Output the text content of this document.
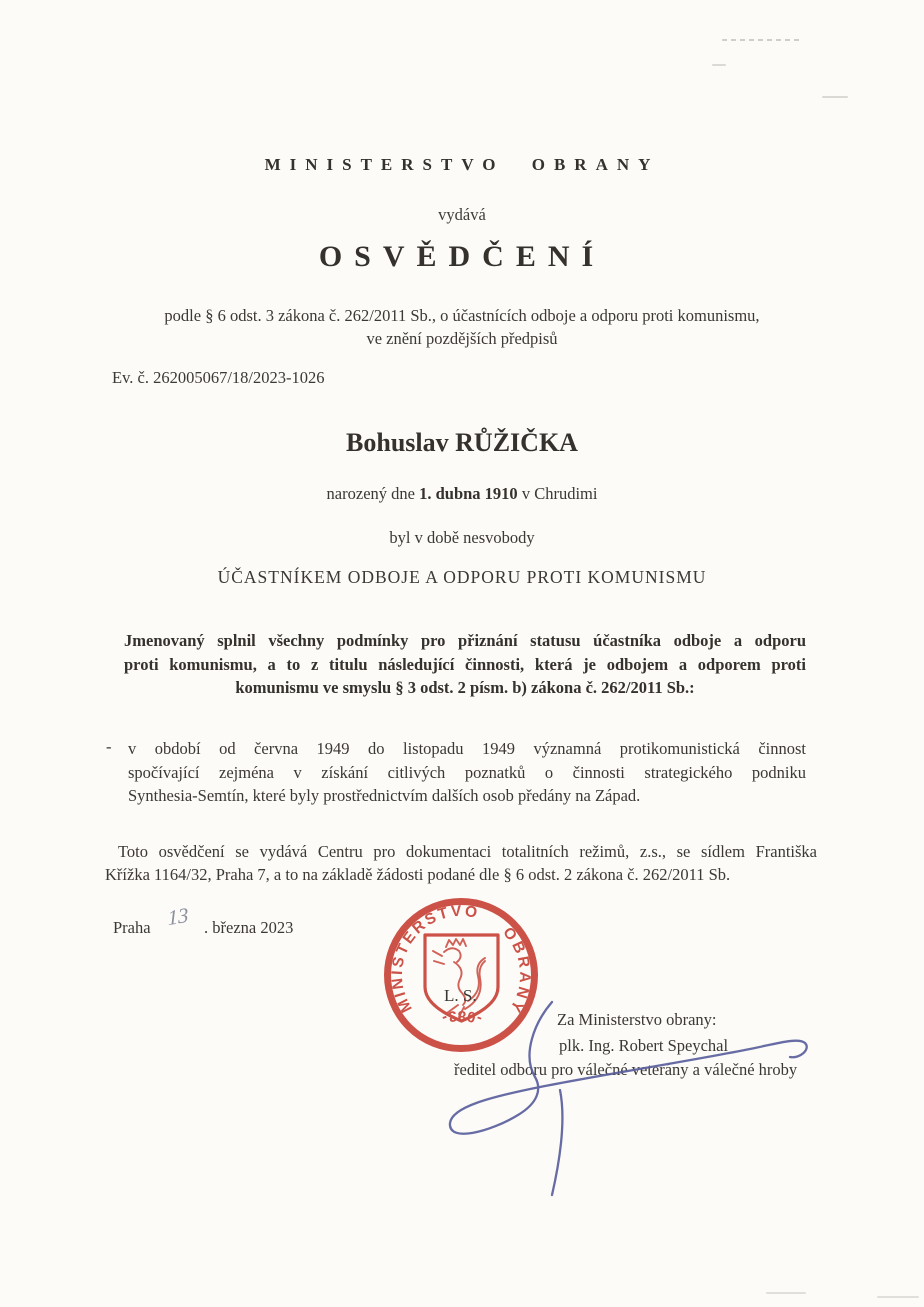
MINISTERSTVO OBRANY
vydává
OSVĚDČENÍ
podle § 6 odst. 3 zákona č. 262/2011 Sb., o účastnících odboje a odporu proti komunismu,
ve znění pozdějších předpisů
Ev. č. 262005067/18/2023-1026
Bohuslav RŮŽIČKA
narozený dne 1. dubna 1910 v Chrudimi
byl v době nesvobody
ÚČASTNÍKEM ODBOJE A ODPORU PROTI KOMUNISMU
Jmenovaný splnil všechny podmínky pro přiznání statusu účastníka odboje a odporu
proti komunismu, a to z titulu následující činnosti, která je odbojem a odporem proti
komunismu ve smyslu § 3 odst. 2 písm. b) zákona č. 262/2011 Sb.:
- v období od června 1949 do listopadu 1949 významná protikomunistická činnost
spočívající zejména v získání citlivých poznatků o činnosti strategického podniku
Synthesia-Semtín, které byly prostřednictvím dalších osob předány na Západ.
Toto osvědčení se vydává Centru pro dokumentaci totalitních režimů, z.s., se sídlem Františka
Křížka 1164/32, Praha 7, a to na základě žádosti podané dle § 6 odst. 2 zákona č. 262/2011 Sb.
Praha 13 . března 2023
MINISTERSTVO
OBRANY
-083-
L. S.
Za Ministerstvo obrany:
plk. Ing. Robert Speychal
ředitel odboru pro válečné veterány a válečné hroby
